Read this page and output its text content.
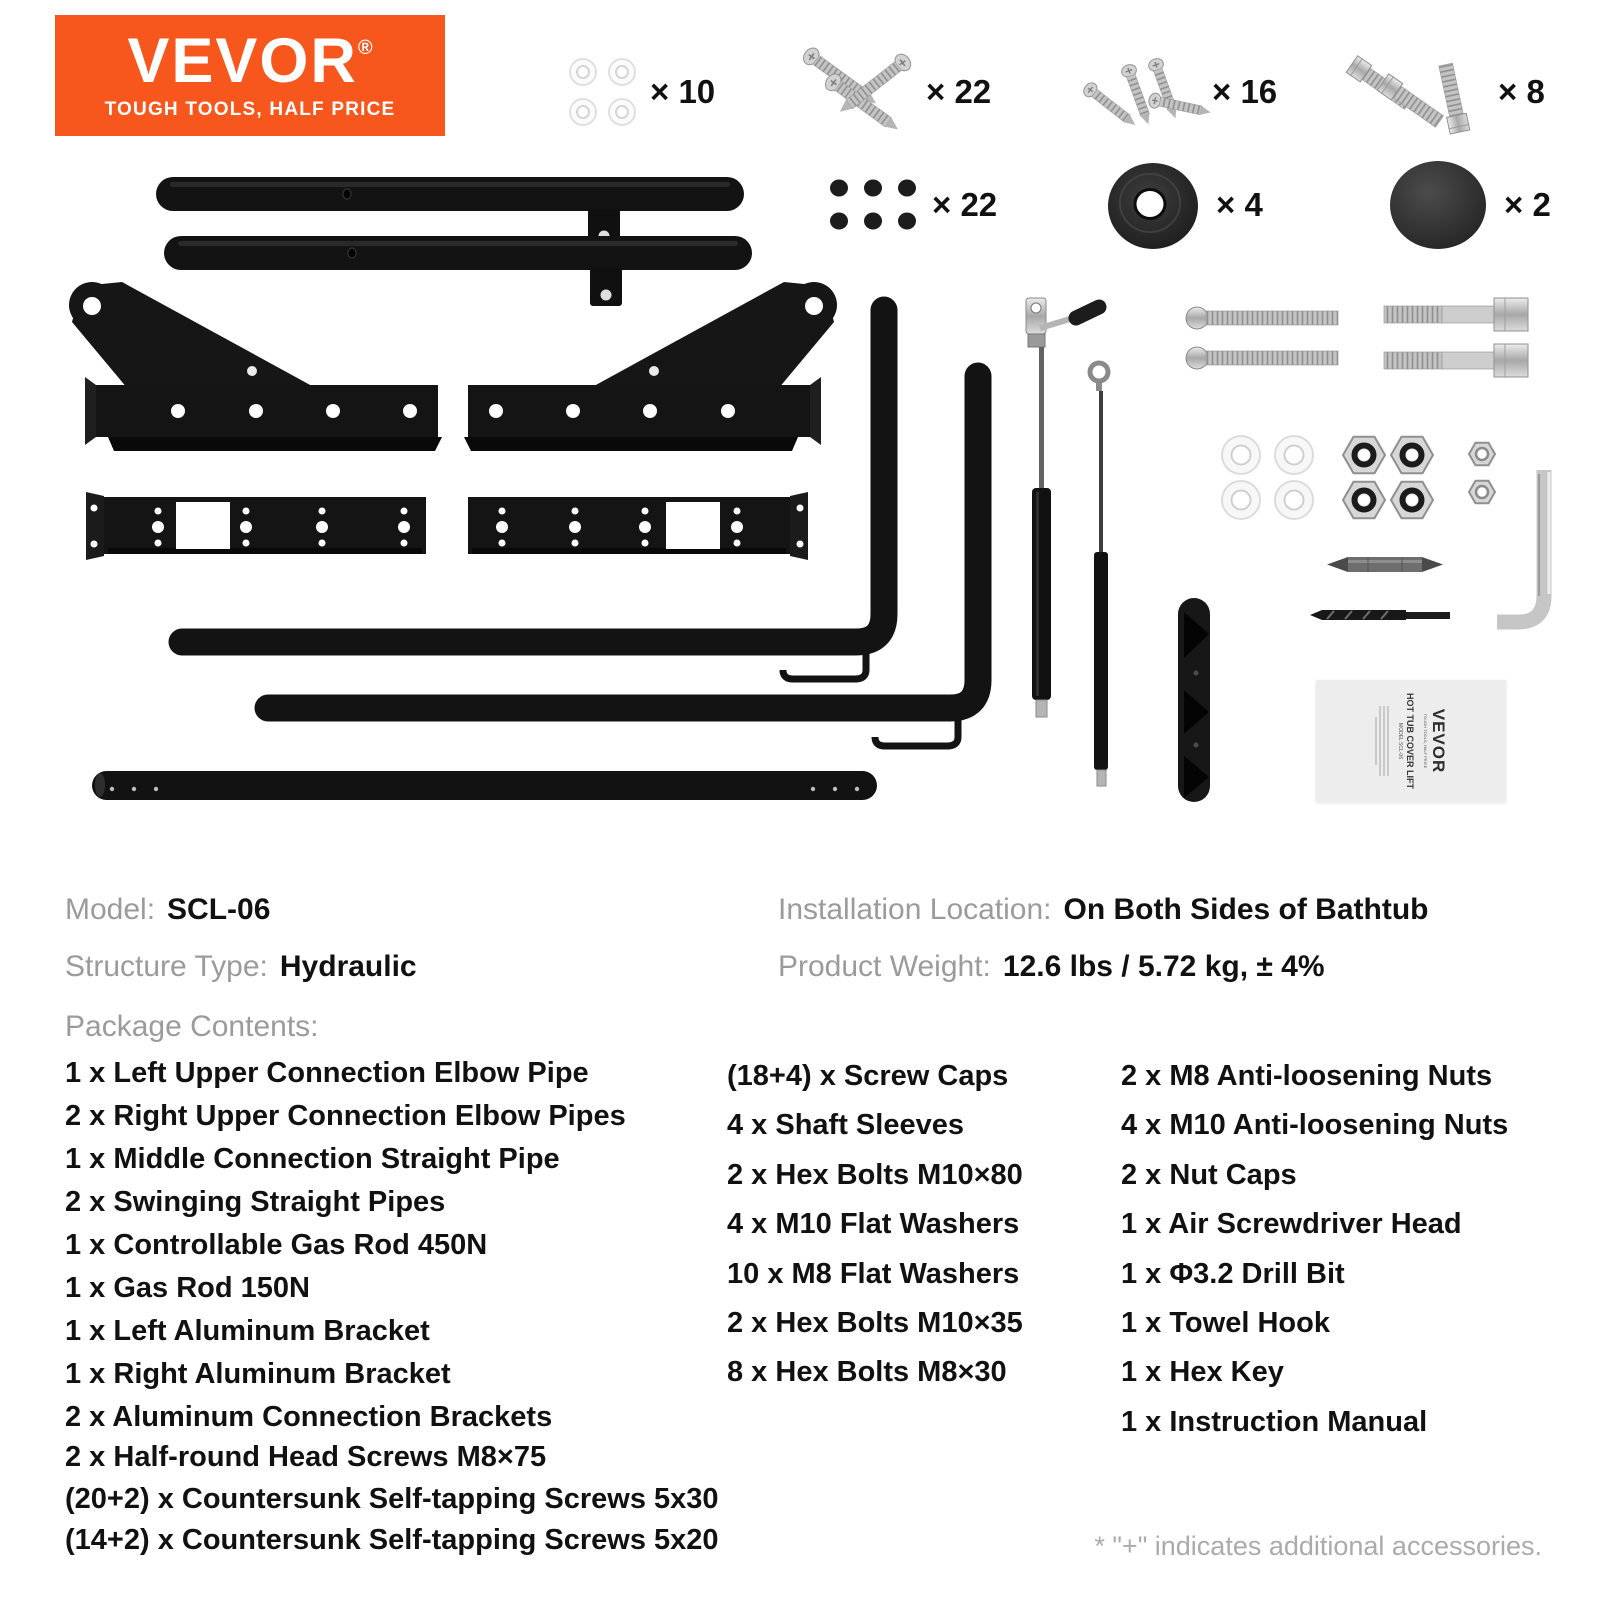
VEVOR®
TOUGH TOOLS, HALF PRICE	× 10	× 22	× 16	× 8
× 22	× 4	× 2
VEVOR
TOUGH TOOLS, HALF PRICE
HOT TUB COVER LIFT
MODEL SCL-06
Model: SCL-06	Installation Location: On Both Sides of Bathtub
Structure Type: Hydraulic	Product Weight: 12.6 lbs / 5.72 kg, ± 4%
Package Contents:
1 x Left Upper Connection Elbow Pipe
2 x Right Upper Connection Elbow Pipes
1 x Middle Connection Straight Pipe
2 x Swinging Straight Pipes
1 x Controllable Gas Rod 450N
1 x Gas Rod 150N
1 x Left Aluminum Bracket
1 x Right Aluminum Bracket
2 x Aluminum Connection Brackets
2 x Half-round Head Screws M8×75
(20+2) x Countersunk Self-tapping Screws 5x30
(14+2) x Countersunk Self-tapping Screws 5x20
(18+4) x Screw Caps
4 x Shaft Sleeves
2 x Hex Bolts M10×80
4 x M10 Flat Washers
10 x M8 Flat Washers
2 x Hex Bolts M10×35
8 x Hex Bolts M8×30
2 x M8 Anti-loosening Nuts
4 x M10 Anti-loosening Nuts
2 x Nut Caps
1 x Air Screwdriver Head
1 x Φ3.2 Drill Bit
1 x Towel Hook
1 x Hex Key
1 x Instruction Manual
* "+" indicates additional accessories.
